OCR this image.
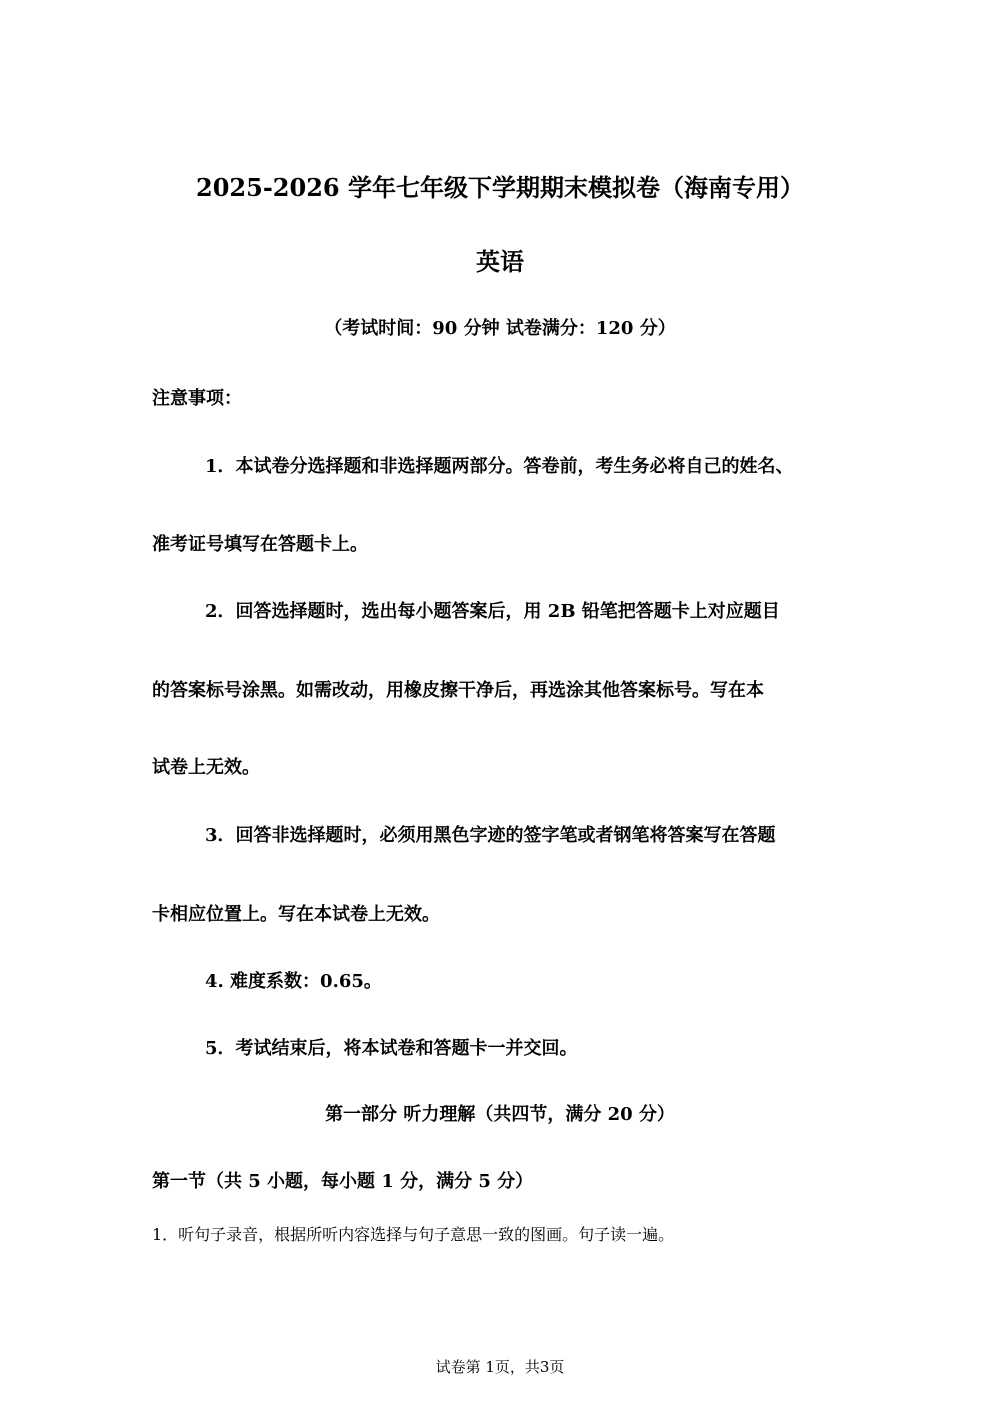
2025-2026 学年七年级下学期期末模拟卷（海南专用）
英语
（考试时间：90 分钟 试卷满分：120 分）
注意事项：
1．本试卷分选择题和非选择题两部分。答卷前，考生务必将自己的姓名、
准考证号填写在答题卡上。
2．回答选择题时，选出每小题答案后，用 2B 铅笔把答题卡上对应题目
的答案标号涂黑。如需改动，用橡皮擦干净后，再选涂其他答案标号。写在本
试卷上无效。
3．回答非选择题时，必须用黑色字迹的签字笔或者钢笔将答案写在答题
卡相应位置上。写在本试卷上无效。
4. 难度系数：0.65。
5．考试结束后，将本试卷和答题卡一并交回。
第一部分 听力理解（共四节，满分 20 分）
第一节（共 5 小题，每小题 1 分，满分 5 分）
1．听句子录音，根据所听内容选择与句子意思一致的图画。句子读一遍。
试卷第 1页，共3页
